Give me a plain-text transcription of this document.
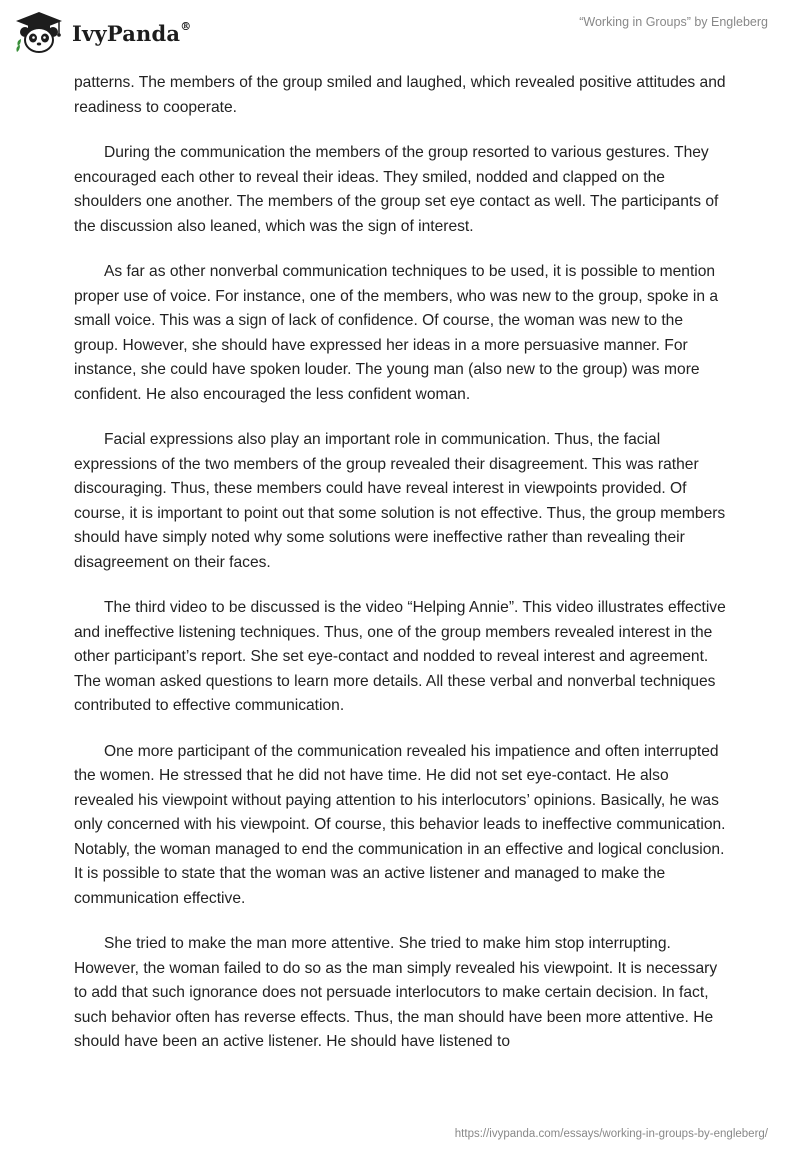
IvyPanda®	“Working in Groups” by Engleberg

patterns. The members of the group smiled and laughed, which revealed positive attitudes and readiness to cooperate.

During the communication the members of the group resorted to various gestures. They encouraged each other to reveal their ideas. They smiled, nodded and clapped on the shoulders one another. The members of the group set eye contact as well. The participants of the discussion also leaned, which was the sign of interest.

As far as other nonverbal communication techniques to be used, it is possible to mention proper use of voice. For instance, one of the members, who was new to the group, spoke in a small voice. This was a sign of lack of confidence. Of course, the woman was new to the group. However, she should have expressed her ideas in a more persuasive manner. For instance, she could have spoken louder. The young man (also new to the group) was more confident. He also encouraged the less confident woman.

Facial expressions also play an important role in communication. Thus, the facial expressions of the two members of the group revealed their disagreement. This was rather discouraging. Thus, these members could have reveal interest in viewpoints provided. Of course, it is important to point out that some solution is not effective. Thus, the group members should have simply noted why some solutions were ineffective rather than revealing their disagreement on their faces.

The third video to be discussed is the video “Helping Annie”. This video illustrates effective and ineffective listening techniques. Thus, one of the group members revealed interest in the other participant’s report. She set eye-contact and nodded to reveal interest and agreement. The woman asked questions to learn more details. All these verbal and nonverbal techniques contributed to effective communication.

One more participant of the communication revealed his impatience and often interrupted the women. He stressed that he did not have time. He did not set eye-contact. He also revealed his viewpoint without paying attention to his interlocutors’ opinions. Basically, he was only concerned with his viewpoint. Of course, this behavior leads to ineffective communication. Notably, the woman managed to end the communication in an effective and logical conclusion. It is possible to state that the woman was an active listener and managed to make the communication effective.

She tried to make the man more attentive. She tried to make him stop interrupting. However, the woman failed to do so as the man simply revealed his viewpoint. It is necessary to add that such ignorance does not persuade interlocutors to make certain decision. In fact, such behavior often has reverse effects. Thus, the man should have been more attentive. He should have been an active listener. He should have listened to

https://ivypanda.com/essays/working-in-groups-by-engleberg/
